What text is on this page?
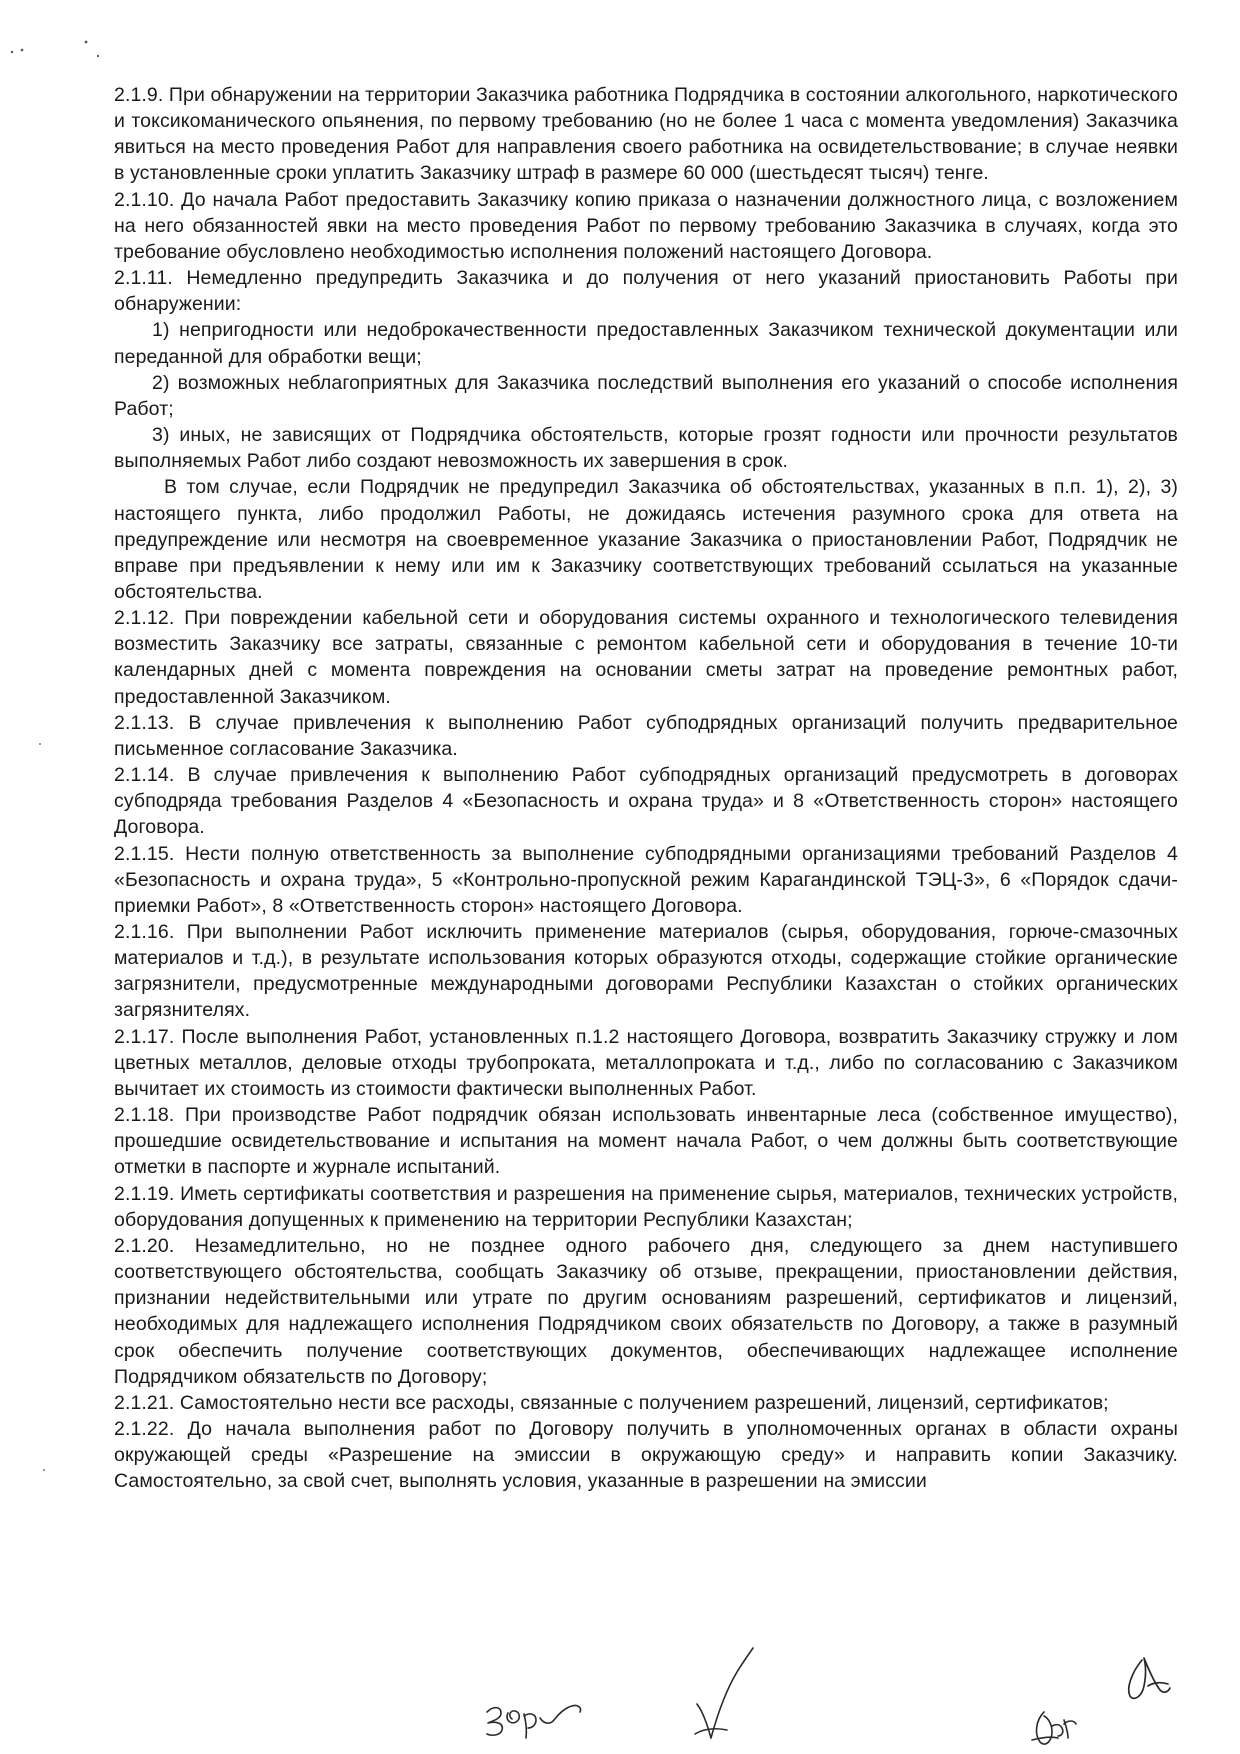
2.1.9. При обнаружении на территории Заказчика работника Подрядчика в состоянии алкогольного, наркотического и токсикоманического опьянения, по первому требованию (но не более 1 часа с момента уведомления) Заказчика явиться на место проведения Работ для направления своего работника на освидетельствование; в случае неявки в установленные сроки уплатить Заказчику штраф в размере 60 000 (шестьдесят тысяч) тенге.

2.1.10. До начала Работ предоставить Заказчику копию приказа о назначении должностного лица, с возложением на него обязанностей явки на место проведения Работ по первому требованию Заказчика в случаях, когда это требование обусловлено необходимостью исполнения положений настоящего Договора.

2.1.11. Немедленно предупредить Заказчика и до получения от него указаний приостановить Работы при обнаружении:

1) непригодности или недоброкачественности предоставленных Заказчиком технической документации или переданной для обработки вещи;

2) возможных неблагоприятных для Заказчика последствий выполнения его указаний о способе исполнения Работ;

3) иных, не зависящих от Подрядчика обстоятельств, которые грозят годности или прочности результатов выполняемых Работ либо создают невозможность их завершения в срок.

В том случае, если Подрядчик не предупредил Заказчика об обстоятельствах, указанных в п.п. 1), 2), 3) настоящего пункта, либо продолжил Работы, не дожидаясь истечения разумного срока для ответа на предупреждение или несмотря на своевременное указание Заказчика о приостановлении Работ, Подрядчик не вправе при предъявлении к нему или им к Заказчику соответствующих требований ссылаться на указанные обстоятельства.

2.1.12. При повреждении кабельной сети и оборудования системы охранного и технологического телевидения возместить Заказчику все затраты, связанные с ремонтом кабельной сети и оборудования в течение 10-ти календарных дней с момента повреждения на основании сметы затрат на проведение ремонтных работ, предоставленной Заказчиком.

2.1.13. В случае привлечения к выполнению Работ субподрядных организаций получить предварительное письменное согласование Заказчика.

2.1.14. В случае привлечения к выполнению Работ субподрядных организаций предусмотреть в договорах субподряда требования Разделов 4 «Безопасность и охрана труда» и 8 «Ответственность сторон» настоящего Договора.

2.1.15. Нести полную ответственность за выполнение субподрядными организациями требований Разделов 4 «Безопасность и охрана труда», 5 «Контрольно-пропускной режим Карагандинской ТЭЦ-3», 6 «Порядок сдачи-приемки Работ», 8 «Ответственность сторон» настоящего Договора.

2.1.16. При выполнении Работ исключить применение материалов (сырья, оборудования, горюче-смазочных материалов и т.д.), в результате использования которых образуются отходы, содержащие стойкие органические загрязнители, предусмотренные международными договорами Республики Казахстан о стойких органических загрязнителях.

2.1.17. После выполнения Работ, установленных п.1.2 настоящего Договора, возвратить Заказчику стружку и лом цветных металлов, деловые отходы трубопроката, металлопроката и т.д., либо по согласованию с Заказчиком вычитает их стоимость из стоимости фактически выполненных Работ.

2.1.18. При производстве Работ подрядчик обязан использовать инвентарные леса (собственное имущество), прошедшие освидетельствование и испытания на момент начала Работ, о чем должны быть соответствующие отметки в паспорте и журнале испытаний.

2.1.19. Иметь сертификаты соответствия и разрешения на применение сырья, материалов, технических устройств, оборудования допущенных к применению на территории Республики Казахстан;

2.1.20. Незамедлительно, но не позднее одного рабочего дня, следующего за днем наступившего соответствующего обстоятельства, сообщать Заказчику об отзыве, прекращении, приостановлении действия, признании недействительными или утрате по другим основаниям разрешений, сертификатов и лицензий, необходимых для надлежащего исполнения Подрядчиком своих обязательств по Договору, а также в разумный срок обеспечить получение соответствующих документов, обеспечивающих надлежащее исполнение Подрядчиком обязательств по Договору;

2.1.21. Самостоятельно нести все расходы, связанные с получением разрешений, лицензий, сертификатов;

2.1.22. До начала выполнения работ по Договору получить в уполномоченных органах в области охраны окружающей среды «Разрешение на эмиссии в окружающую среду» и направить копии Заказчику. Самостоятельно, за свой счет, выполнять условия, указанные в разрешении на эмиссии
